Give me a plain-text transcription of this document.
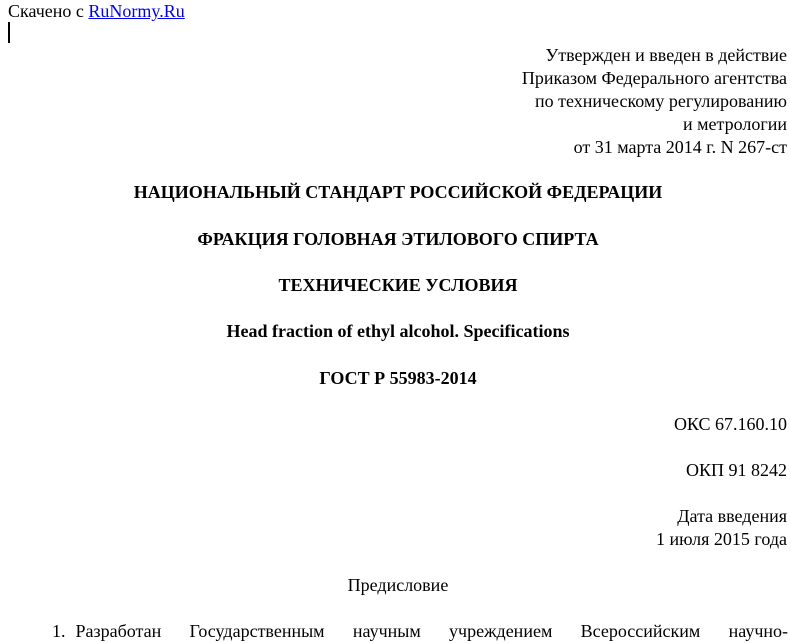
Скачено с RuNormy.Ru
Утвержден и введен в действие
Приказом Федерального агентства
по техническому регулированию
и метрологии
от 31 марта 2014 г. N 267-ст
НАЦИОНАЛЬНЫЙ СТАНДАРТ РОССИЙСКОЙ ФЕДЕРАЦИИ
ФРАКЦИЯ ГОЛОВНАЯ ЭТИЛОВОГО СПИРТА
ТЕХНИЧЕСКИЕ УСЛОВИЯ
Head fraction of ethyl alcohol. Specifications
ГОСТ Р 55983-2014
ОКС 67.160.10
ОКП 91 8242
Дата введения
1 июля 2015 года
Предисловие
1. Разработан Государственным научным учреждением Всероссийским научно-
